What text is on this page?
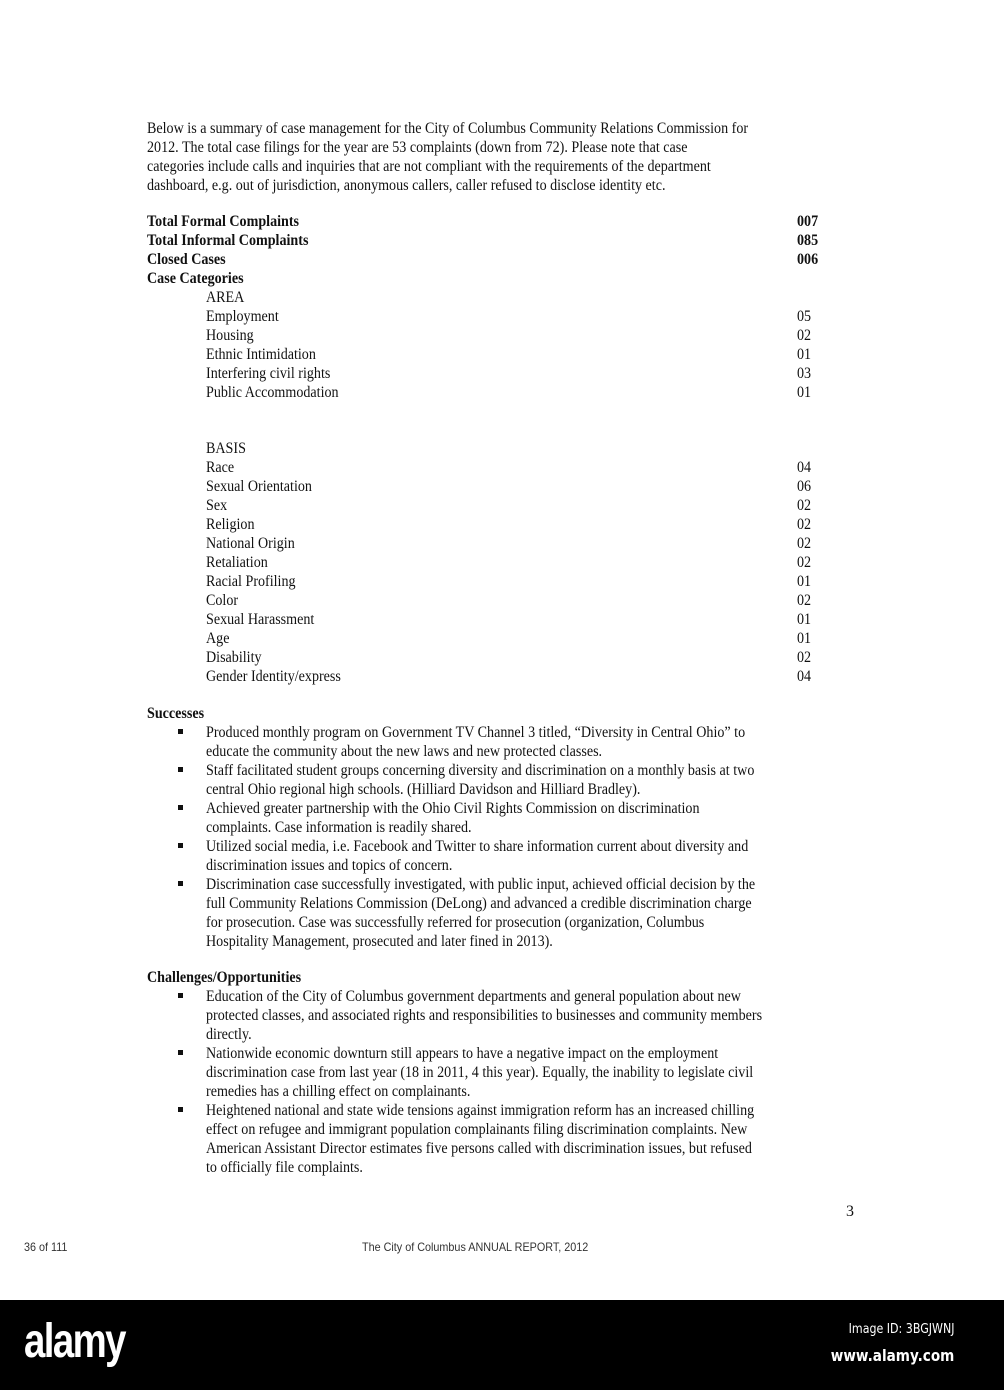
Below is a summary of case management for the City of Columbus Community Relations Commission for
2012. The total case filings for the year are 53 complaints (down from 72). Please note that case
categories include calls and inquiries that are not compliant with the requirements of the department
dashboard, e.g. out of jurisdiction, anonymous callers, caller refused to disclose identity etc.
Total Formal Complaints	007
Total Informal Complaints	085
Closed Cases	006
Case Categories
AREA
Employment	05
Housing	02
Ethnic Intimidation	01
Interfering civil rights	03
Public Accommodation	01
BASIS
Race	04
Sexual Orientation	06
Sex	02
Religion	02
National Origin	02
Retaliation	02
Racial Profiling	01
Color	02
Sexual Harassment	01
Age	01
Disability	02
Gender Identity/express	04
Successes
Produced monthly program on Government TV Channel 3 titled, “Diversity in Central Ohio” to
educate the community about the new laws and new protected classes.
Staff facilitated student groups concerning diversity and discrimination on a monthly basis at two
central Ohio regional high schools. (Hilliard Davidson and Hilliard Bradley).
Achieved greater partnership with the Ohio Civil Rights Commission on discrimination
complaints. Case information is readily shared.
Utilized social media, i.e. Facebook and Twitter to share information current about diversity and
discrimination issues and topics of concern.
Discrimination case successfully investigated, with public input, achieved official decision by the
full Community Relations Commission (DeLong) and advanced a credible discrimination charge
for prosecution. Case was successfully referred for prosecution (organization, Columbus
Hospitality Management, prosecuted and later fined in 2013).
Challenges/Opportunities
Education of the City of Columbus government departments and general population about new
protected classes, and associated rights and responsibilities to businesses and community members
directly.
Nationwide economic downturn still appears to have a negative impact on the employment
discrimination case from last year (18 in 2011, 4 this year). Equally, the inability to legislate civil
remedies has a chilling effect on complainants.
Heightened national and state wide tensions against immigration reform has an increased chilling
effect on refugee and immigrant population complainants filing discrimination complaints. New
American Assistant Director estimates five persons called with discrimination issues, but refused
to officially file complaints.
3
36 of 111	The City of Columbus ANNUAL REPORT, 2012
alamy	Image ID: 3BGJWNJ
www.alamy.com
